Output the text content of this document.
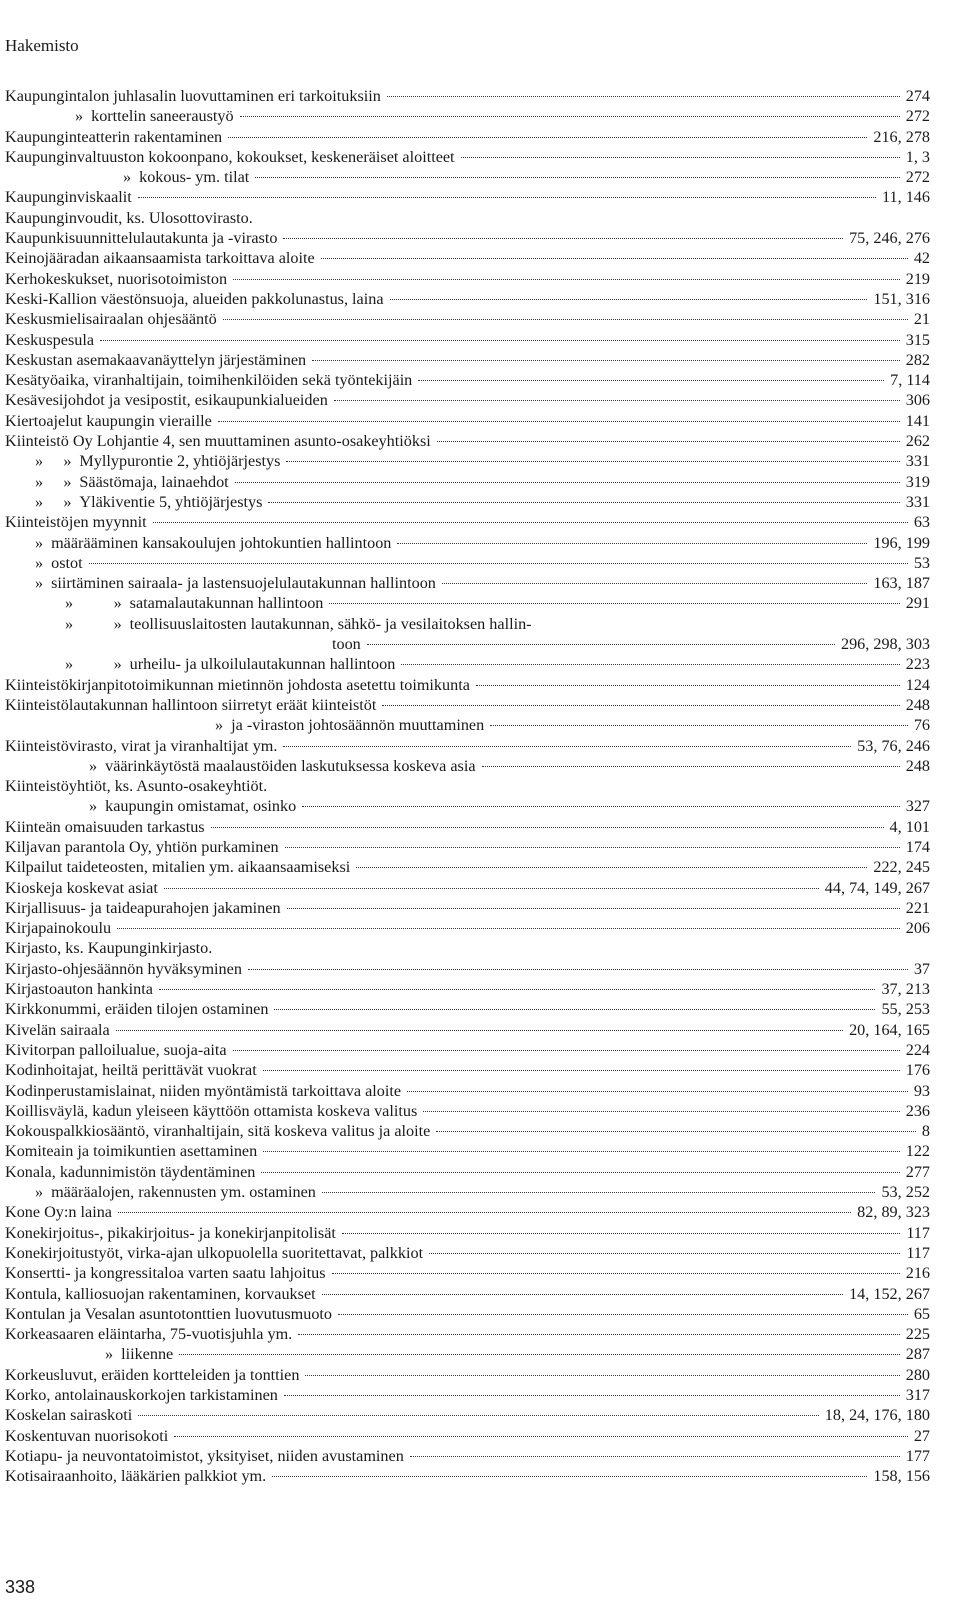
Hakemisto
Kaupungintalon juhlasalin luovuttaminen eri tarkoituksiin	274
» korttelin saneeraustyö	272
Kaupunginteatterin rakentaminen	216, 278
Kaupunginvaltuuston kokoonpano, kokoukset, keskeneräiset aloitteet	1, 3
» kokous- ym. tilat	272
Kaupunginviskaalit	11, 146
Kaupunginvoudit, ks. Ulosottovirasto.
Kaupunkisuunnittelulautakunta ja -virasto	75, 246, 276
Keinojääradan aikaansaamista tarkoittava aloite	42
Kerhokeskukset, nuorisotoimiston	219
Keski-Kallion väestönsuoja, alueiden pakkolunastus, laina	151, 316
Keskusmielisairaalan ohjesääntö	21
Keskuspesula	315
Keskustan asemakaavanäyttelyn järjestäminen	282
Kesätyöaika, viranhaltijain, toimihenkilöiden sekä työntekijäin	7, 114
Kesävesijohdot ja vesipostit, esikaupunkialueiden	306
Kiertoajelut kaupungin vieraille	141
Kiinteistö Oy Lohjantie 4, sen muuttaminen asunto-osakeyhtiöksi	262
»     » Myllypurontie 2, yhtiöjärjestys	331
»     » Säästömaja, lainaehdot	319
»     » Yläkiventie 5, yhtiöjärjestys	331
Kiinteistöjen myynnit	63
» määrääminen kansakoulujen johtokuntien hallintoon	196, 199
» ostot	53
» siirtäminen sairaala- ja lastensuojelulautakunnan hallintoon	163, 187
»          » satamalautakunnan hallintoon	291
»          » teollisuuslaitosten lautakunnan, sähkö- ja vesilaitoksen hallin-
toon	296, 298, 303
»          » urheilu- ja ulkoilulautakunnan hallintoon	223
Kiinteistökirjanpitotoimikunnan mietinnön johdosta asetettu toimikunta	124
Kiinteistölautakunnan hallintoon siirretyt eräät kiinteistöt	248
» ja -viraston johtosäännön muuttaminen	76
Kiinteistövirasto, virat ja viranhaltijat ym.	53, 76, 246
» väärinkäytöstä maalaustöiden laskutuksessa koskeva asia	248
Kiinteistöyhtiöt, ks. Asunto-osakeyhtiöt.
» kaupungin omistamat, osinko	327
Kiinteän omaisuuden tarkastus	4, 101
Kiljavan parantola Oy, yhtiön purkaminen	174
Kilpailut taideteosten, mitalien ym. aikaansaamiseksi	222, 245
Kioskeja koskevat asiat	44, 74, 149, 267
Kirjallisuus- ja taideapurahojen jakaminen	221
Kirjapainokoulu	206
Kirjasto, ks. Kaupunginkirjasto.
Kirjasto-ohjesäännön hyväksyminen	37
Kirjastoauton hankinta	37, 213
Kirkkonummi, eräiden tilojen ostaminen	55, 253
Kivelän sairaala	20, 164, 165
Kivitorpan palloilualue, suoja-aita	224
Kodinhoitajat, heiltä perittävät vuokrat	176
Kodinperustamislainat, niiden myöntämistä tarkoittava aloite	93
Koillisväylä, kadun yleiseen käyttöön ottamista koskeva valitus	236
Kokouspalkkiosääntö, viranhaltijain, sitä koskeva valitus ja aloite	8
Komiteain ja toimikuntien asettaminen	122
Konala, kadunnimistön täydentäminen	277
» määräalojen, rakennusten ym. ostaminen	53, 252
Kone Oy:n laina	82, 89, 323
Konekirjoitus-, pikakirjoitus- ja konekirjanpitolisät	117
Konekirjoitustyöt, virka-ajan ulkopuolella suoritettavat, palkkiot	117
Konsertti- ja kongressitaloa varten saatu lahjoitus	216
Kontula, kalliosuojan rakentaminen, korvaukset	14, 152, 267
Kontulan ja Vesalan asuntotonttien luovutusmuoto	65
Korkeasaaren eläintarha, 75-vuotisjuhla ym.	225
» liikenne	287
Korkeusluvut, eräiden kortteleiden ja tonttien	280
Korko, antolainauskorkojen tarkistaminen	317
Koskelan sairaskoti	18, 24, 176, 180
Koskentuvan nuorisokoti	27
Kotiapu- ja neuvontatoimistot, yksityiset, niiden avustaminen	177
Kotisairaanhoito, lääkärien palkkiot ym.	158, 156
338
